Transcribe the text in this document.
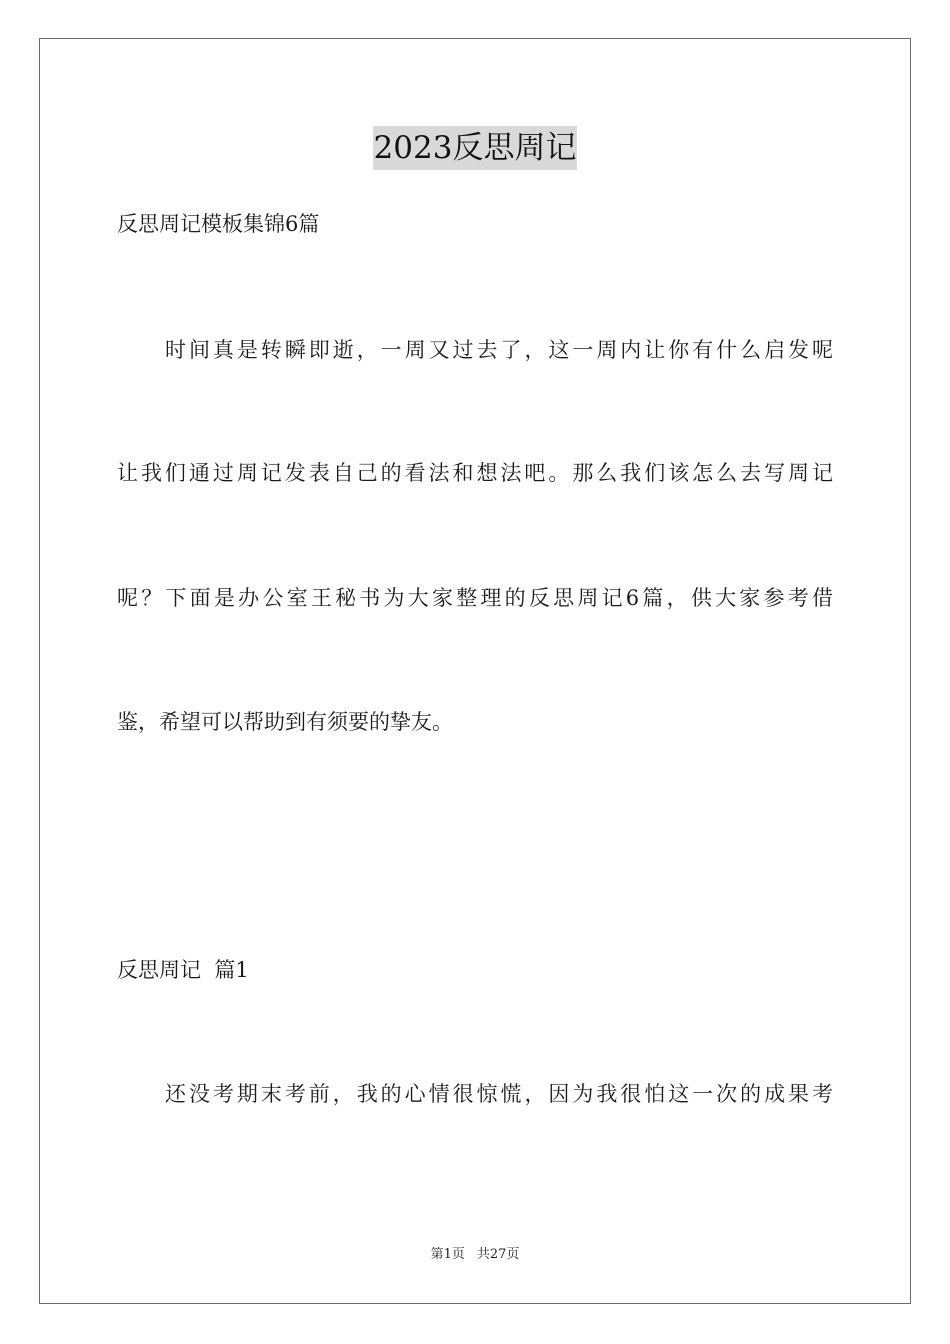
2023反思周记
反思周记模板集锦6篇
时间真是转瞬即逝，一周又过去了，这一周内让你有什么启发呢
让我们通过周记发表自己的看法和想法吧。那么我们该怎么去写周记
呢？下面是办公室王秘书为大家整理的反思周记6篇，供大家参考借
鉴，希望可以帮助到有须要的挚友。
反思周记  篇1
还没考期末考前，我的心情很惊慌，因为我很怕这一次的成果考
第1页 共27页
